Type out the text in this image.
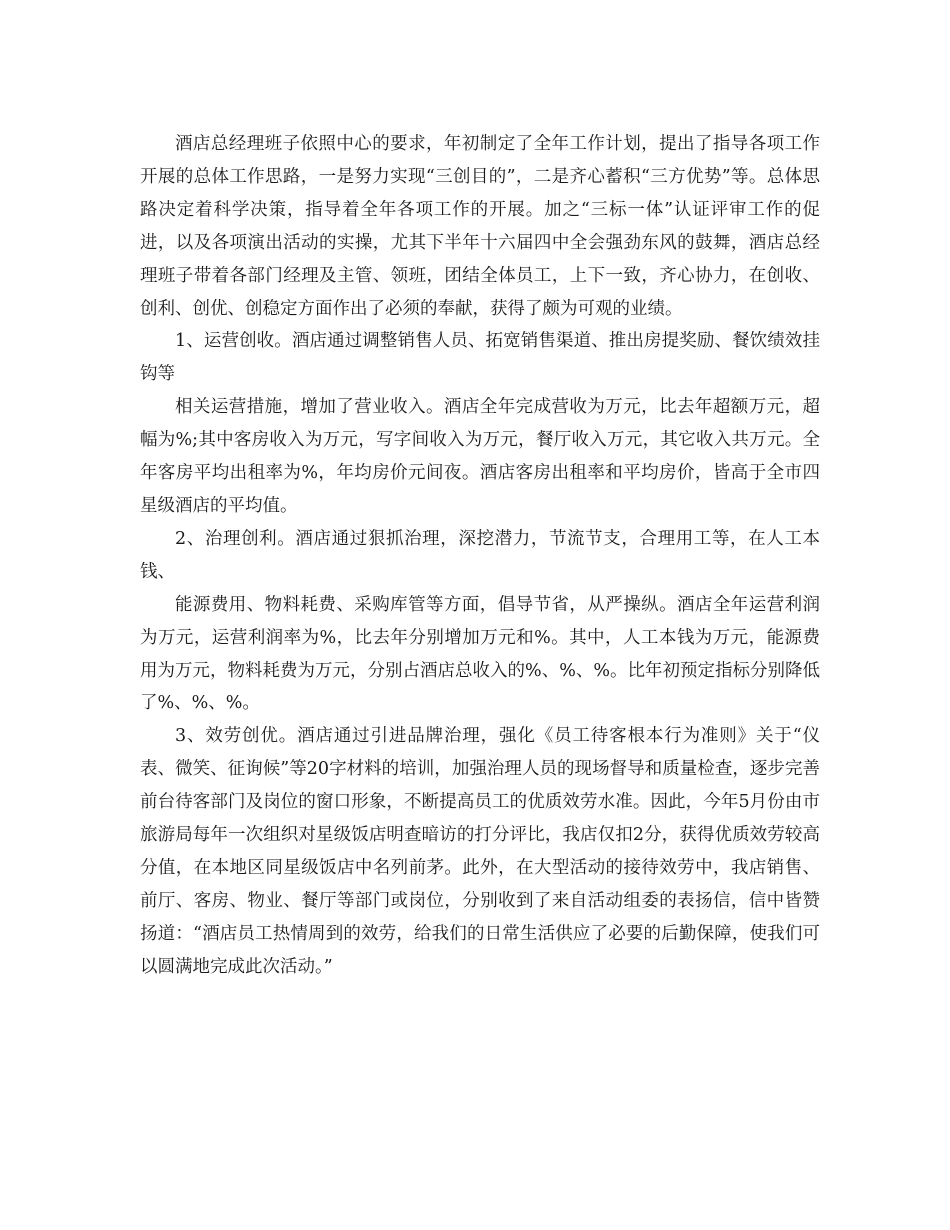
酒店总经理班子依照中心的要求，年初制定了全年工作计划，提出了指导各项工作开展的总体工作思路，一是努力实现“三创目的”，二是齐心蓄积“三方优势”等。总体思路决定着科学决策，指导着全年各项工作的开展。加之“三标一体”认证评审工作的促进，以及各项演出活动的实操，尤其下半年十六届四中全会强劲东风的鼓舞，酒店总经理班子带着各部门经理及主管、领班，团结全体员工，上下一致，齐心协力，在创收、创利、创优、创稳定方面作出了必须的奉献，获得了颇为可观的业绩。

1、运营创收。酒店通过调整销售人员、拓宽销售渠道、推出房提奖励、餐饮绩效挂钩等

相关运营措施，增加了营业收入。酒店全年完成营收为万元，比去年超额万元，超幅为%;其中客房收入为万元，写字间收入为万元，餐厅收入万元，其它收入共万元。全年客房平均出租率为%，年均房价元间夜。酒店客房出租率和平均房价，皆高于全市四星级酒店的平均值。

2、治理创利。酒店通过狠抓治理，深挖潜力，节流节支，合理用工等，在人工本钱、

能源费用、物料耗费、采购库管等方面，倡导节省，从严操纵。酒店全年运营利润为万元，运营利润率为%，比去年分别增加万元和%。其中，人工本钱为万元，能源费用为万元，物料耗费为万元，分别占酒店总收入的%、%、%。比年初预定指标分别降低了%、%、%。

3、效劳创优。酒店通过引进品牌治理，强化《员工待客根本行为准则》关于“仪表、微笑、征询候”等20字材料的培训，加强治理人员的现场督导和质量检查，逐步完善前台待客部门及岗位的窗口形象，不断提高员工的优质效劳水准。因此，今年5月份由市旅游局每年一次组织对星级饭店明查暗访的打分评比，我店仅扣2分，获得优质效劳较高分值，在本地区同星级饭店中名列前茅。此外，在大型活动的接待效劳中，我店销售、前厅、客房、物业、餐厅等部门或岗位，分别收到了来自活动组委的表扬信，信中皆赞扬道：“酒店员工热情周到的效劳，给我们的日常生活供应了必要的后勤保障，使我们可以圆满地完成此次活动。”
